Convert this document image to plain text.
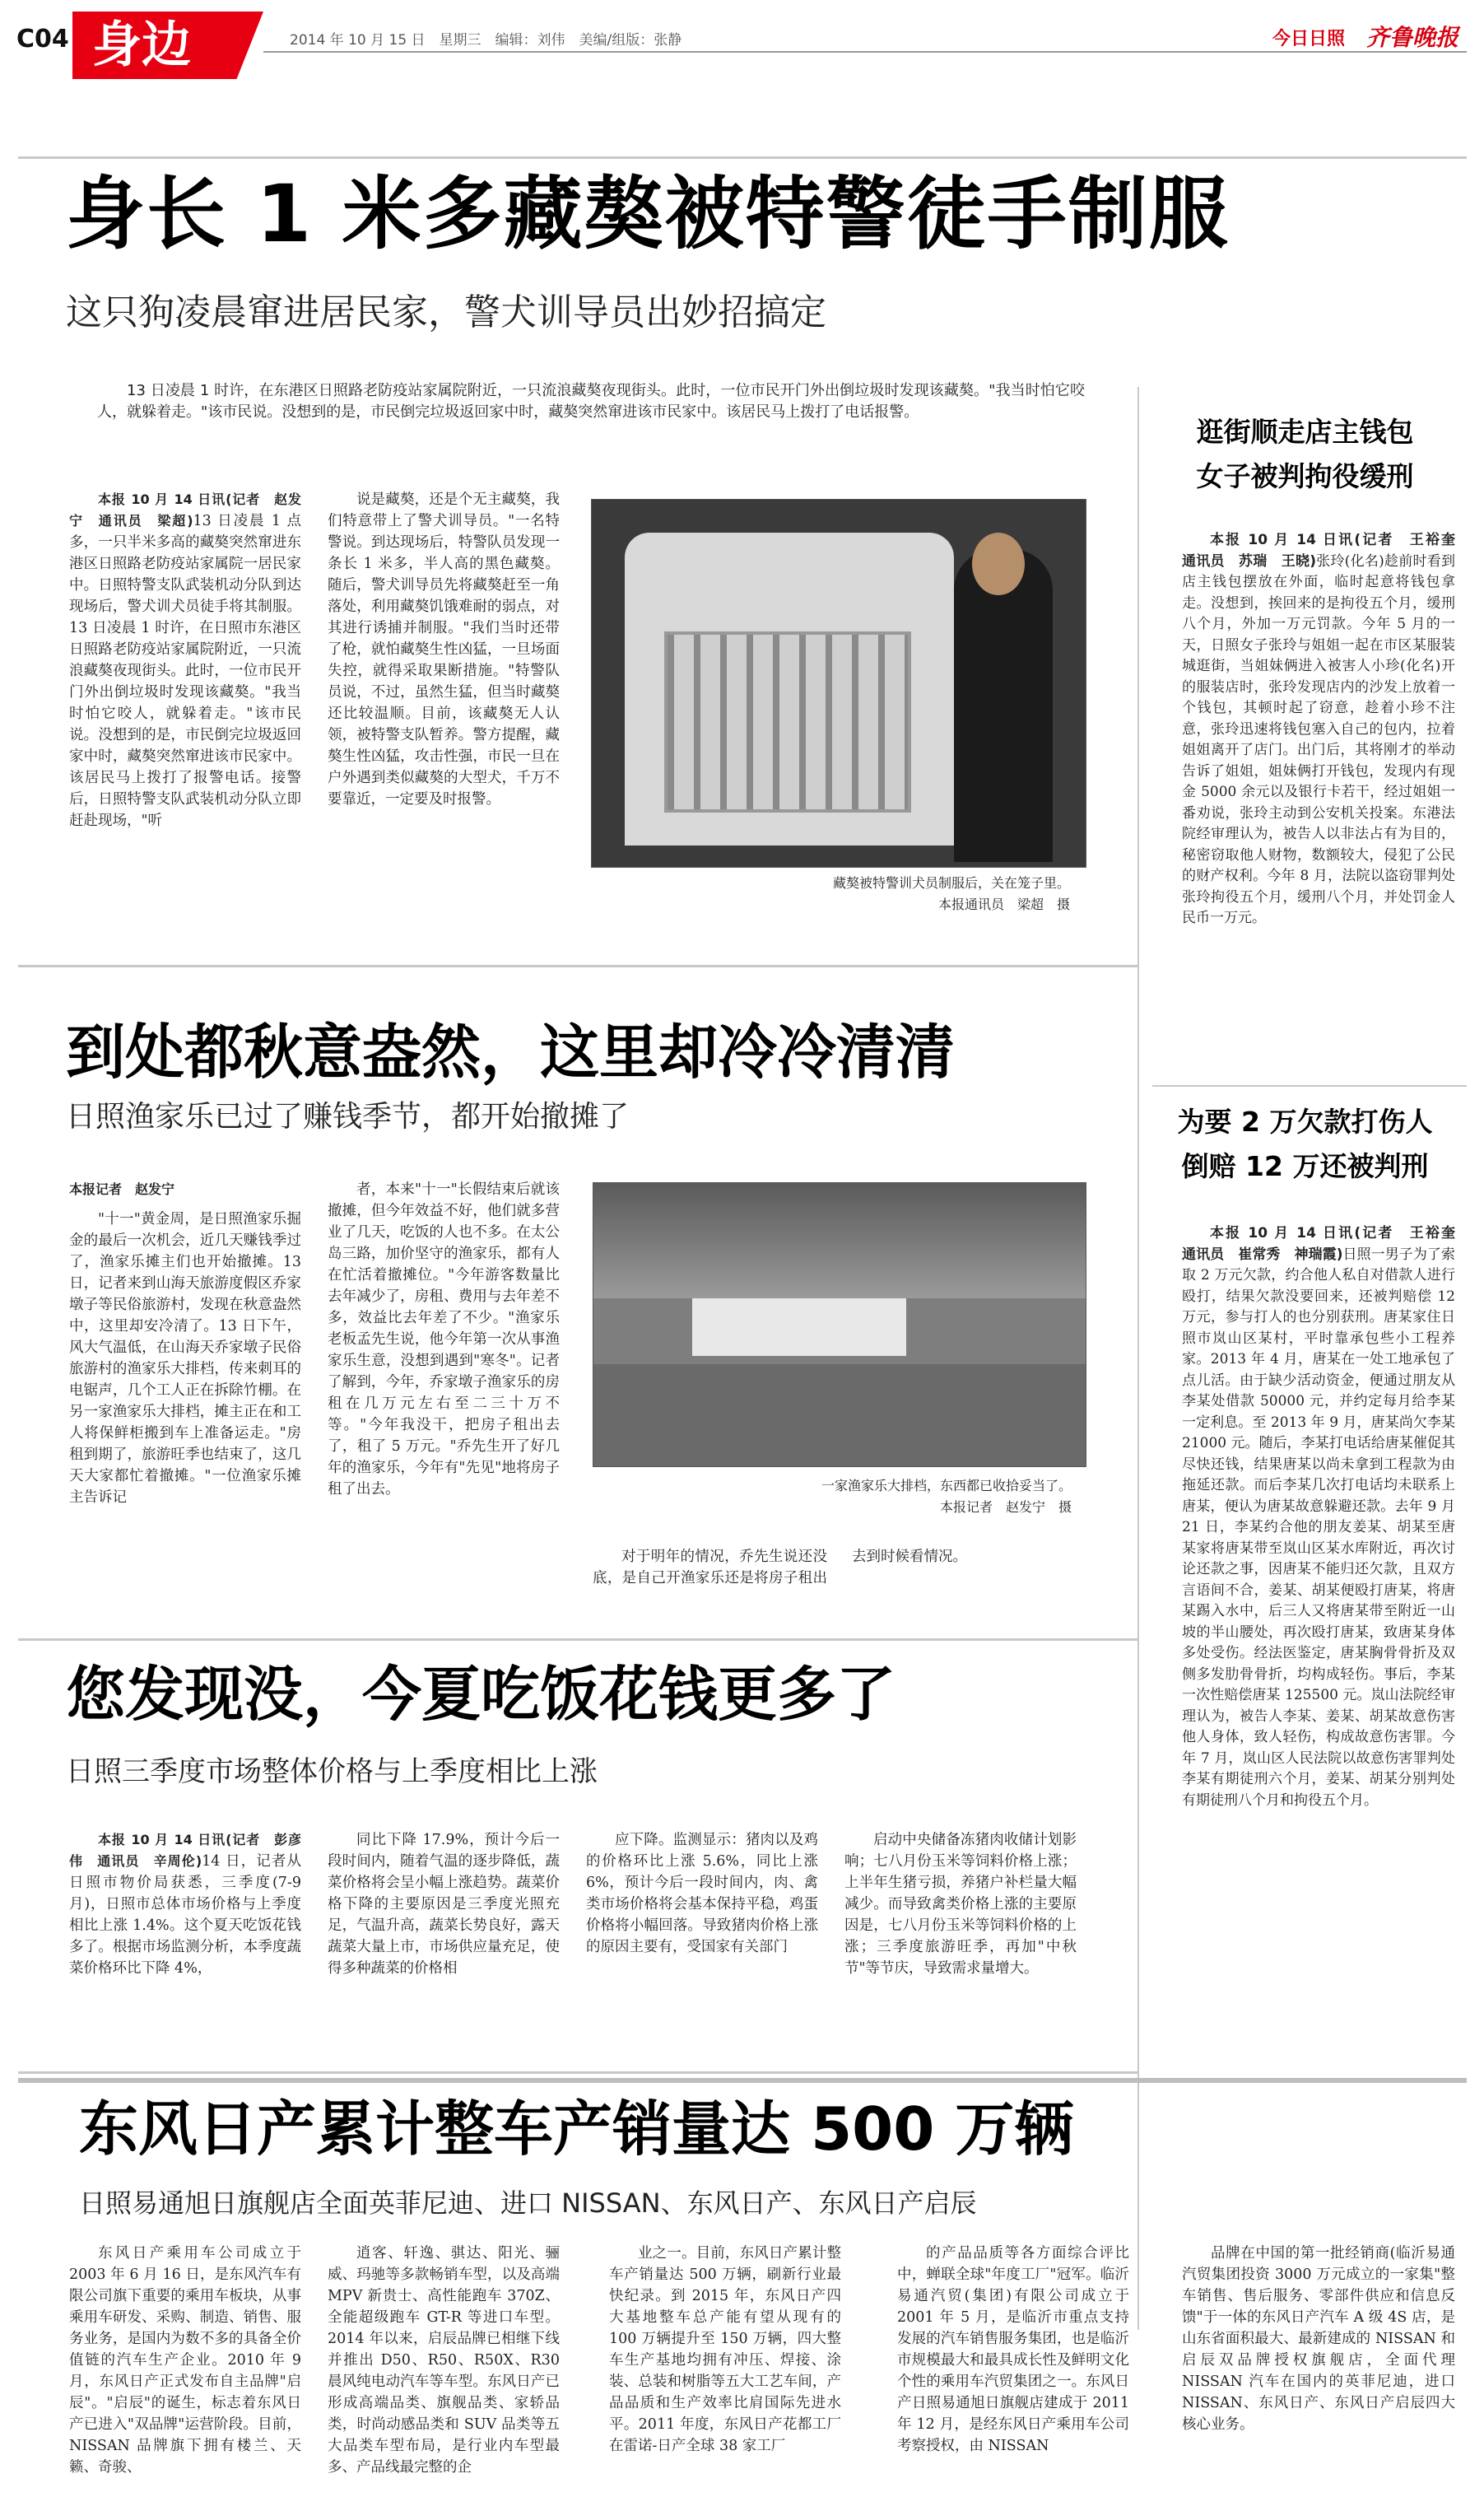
C04 身边	2014 年 10 月 15 日　星期三　编辑：刘伟　美编/组版：张静	今日日照 齐鲁晚报
身长 1 米多藏獒被特警徒手制服
这只狗凌晨窜进居民家，警犬训导员出妙招搞定

13 日凌晨 1 时许，在东港区日照路老防疫站家属院附近，一只流浪藏獒夜现街头。此时，一位市民开门外出倒垃圾时发现该藏獒。"我当时怕它咬人，就躲着走。"该市民说。没想到的是，市民倒完垃圾返回家中时，藏獒突然窜进该市民家中。该居民马上拨打了电话报警。

本报 10 月 14 日讯(记者　赵发宁　通讯员　梁超)13 日凌晨 1 点多，一只半米多高的藏獒突然窜进东港区日照路老防疫站家属院一居民家中。日照特警支队武装机动分队到达现场后，警犬训犬员徒手将其制服。13 日凌晨 1 时许，在日照市东港区日照路老防疫站家属院附近，一只流浪藏獒夜现街头。此时，一位市民开门外出倒垃圾时发现该藏獒。"我当时怕它咬人，就躲着走。"该市民说。没想到的是，市民倒完垃圾返回家中时，藏獒突然窜进该市民家中。该居民马上拨打了报警电话。接警后，日照特警支队武装机动分队立即赶赴现场，"听

说是藏獒，还是个无主藏獒，我们特意带上了警犬训导员。"一名特警说。到达现场后，特警队员发现一条长 1 米多，半人高的黑色藏獒。随后，警犬训导员先将藏獒赶至一角落处，利用藏獒饥饿难耐的弱点，对其进行诱捕并制服。"我们当时还带了枪，就怕藏獒生性凶猛，一旦场面失控，就得采取果断措施。"特警队员说，不过，虽然生猛，但当时藏獒还比较温顺。目前，该藏獒无人认领，被特警支队暂养。警方提醒，藏獒生性凶猛，攻击性强，市民一旦在户外遇到类似藏獒的大型犬，千万不要靠近，一定要及时报警。

藏獒被特警训犬员制服后，关在笼子里。
本报通讯员　梁超　摄
逛街顺走店主钱包
女子被判拘役缓刑

本报 10 月 14 日讯(记者　王裕奎　通讯员　苏瑞　王晓)张玲(化名)趁前时看到店主钱包摆放在外面，临时起意将钱包拿走。没想到，挨回来的是拘役五个月，缓刑八个月，外加一万元罚款。今年 5 月的一天，日照女子张玲与姐姐一起在市区某服装城逛街，当姐妹俩进入被害人小珍(化名)开的服装店时，张玲发现店内的沙发上放着一个钱包，其顿时起了窃意，趁着小珍不注意，张玲迅速将钱包塞入自己的包内，拉着姐姐离开了店门。出门后，其将刚才的举动告诉了姐姐，姐妹俩打开钱包，发现内有现金 5000 余元以及银行卡若干，经过姐姐一番劝说，张玲主动到公安机关投案。东港法院经审理认为，被告人以非法占有为目的，秘密窃取他人财物，数额较大，侵犯了公民的财产权利。今年 8 月，法院以盗窃罪判处张玲拘役五个月，缓刑八个月，并处罚金人民币一万元。

为要 2 万欠款打伤人
倒赔 12 万还被判刑

本报 10 月 14 日讯(记者　王裕奎　通讯员　崔常秀　神瑞霞)日照一男子为了索取 2 万元欠款，约合他人私自对借款人进行殴打，结果欠款没要回来，还被判赔偿 12 万元，参与打人的也分别获刑。唐某家住日照市岚山区某村，平时靠承包些小工程养家。2013 年 4 月，唐某在一处工地承包了点儿活。由于缺少活动资金，便通过朋友从李某处借款 50000 元，并约定每月给李某一定利息。至 2013 年 9 月，唐某尚欠李某 21000 元。随后，李某打电话给唐某催促其尽快还钱，结果唐某以尚未拿到工程款为由拖延还款。而后李某几次打电话均未联系上唐某，便认为唐某故意躲避还款。去年 9 月 21 日，李某约合他的朋友姜某、胡某至唐某家将唐某带至岚山区某水库附近，再次讨论还款之事，因唐某不能归还欠款，且双方言语间不合，姜某、胡某便殴打唐某，将唐某踢入水中，后三人又将唐某带至附近一山坡的半山腰处，再次殴打唐某，致唐某身体多处受伤。经法医鉴定，唐某胸骨骨折及双侧多发肋骨骨折，均构成轻伤。事后，李某一次性赔偿唐某 125500 元。岚山法院经审理认为，被告人李某、姜某、胡某故意伤害他人身体，致人轻伤，构成故意伤害罪。今年 7 月，岚山区人民法院以故意伤害罪判处李某有期徒刑六个月，姜某、胡某分别判处有期徒刑八个月和拘役五个月。

到处都秋意盎然，这里却冷冷清清
日照渔家乐已过了赚钱季节，都开始撤摊了
本报记者　赵发宁

"十一"黄金周，是日照渔家乐掘金的最后一次机会，近几天赚钱季过了，渔家乐摊主们也开始撤摊。13 日，记者来到山海天旅游度假区乔家墩子等民俗旅游村，发现在秋意盎然中，这里却安冷清了。13 日下午，风大气温低，在山海天乔家墩子民俗旅游村的渔家乐大排档，传来刺耳的电锯声，几个工人正在拆除竹棚。在另一家渔家乐大排档，摊主正在和工人将保鲜柜搬到车上准备运走。"房租到期了，旅游旺季也结束了，这几天大家都忙着撤摊。"一位渔家乐摊主告诉记

者，本来"十一"长假结束后就该撤摊，但今年效益不好，他们就多营业了几天，吃饭的人也不多。在太公岛三路，加价坚守的渔家乐，都有人在忙活着撤摊位。"今年游客数量比去年减少了，房租、费用与去年差不多，效益比去年差了不少。"渔家乐老板孟先生说，他今年第一次从事渔家乐生意，没想到遇到"寒冬"。记者了解到，今年，乔家墩子渔家乐的房租在几万元左右至二三十万不等。"今年我没干，把房子租出去了，租了 5 万元。"乔先生开了好几年的渔家乐，今年有"先见"地将房子租了出去。	一家渔家乐大排档，东西都已收拾妥当了。
本报记者　赵发宁　摄

对于明年的情况，乔先生说还没底，是自己开渔家乐还是将房子租出去到时候看情况。

您发现没，今夏吃饭花钱更多了
日照三季度市场整体价格与上季度相比上涨

本报 10 月 14 日讯(记者　彭彦伟　通讯员　辛周伦)14 日，记者从日照市物价局获悉，三季度(7-9 月)，日照市总体市场价格与上季度相比上涨 1.4%。这个夏天吃饭花钱多了。根据市场监测分析，本季度蔬菜价格环比下降 4%，

同比下降 17.9%，预计今后一段时间内，随着气温的逐步降低，蔬菜价格将会呈小幅上涨趋势。蔬菜价格下降的主要原因是三季度光照充足，气温升高，蔬菜长势良好，露天蔬菜大量上市，市场供应量充足，使得多种蔬菜的价格相

应下降。监测显示：猪肉以及鸡的价格环比上涨 5.6%，同比上涨 6%，预计今后一段时间内，肉、禽类市场价格将会基本保持平稳，鸡蛋价格将小幅回落。导致猪肉价格上涨的原因主要有，受国家有关部门

启动中央储备冻猪肉收储计划影响；七八月份玉米等饲料价格上涨；上半年生猪亏损，养猪户补栏量大幅减少。而导致禽类价格上涨的主要原因是，七八月份玉米等饲料价格的上涨；三季度旅游旺季，再加"中秋节"等节庆，导致需求量增大。

东风日产累计整车产销量达 500 万辆
日照易通旭日旗舰店全面英菲尼迪、进口 NISSAN、东风日产、东风日产启辰

东风日产乘用车公司成立于 2003 年 6 月 16 日，是东风汽车有限公司旗下重要的乘用车板块，从事乘用车研发、采购、制造、销售、服务业务，是国内为数不多的具备全价值链的汽车生产企业。2010 年 9 月，东风日产正式发布自主品牌"启辰"。"启辰"的诞生，标志着东风日产已进入"双品牌"运营阶段。目前，NISSAN 品牌旗下拥有楼兰、天籁、奇骏、

逍客、轩逸、骐达、阳光、骊威、玛驰等多款畅销车型，以及高端 MPV 新贵士、高性能跑车 370Z、全能超级跑车 GT-R 等进口车型。2014 年以来，启辰品牌已相继下线并推出 D50、R50、R50X、R30 晨风纯电动汽车等车型。东风日产已形成高端品类、旗舰品类、家轿品类，时尚动感品类和 SUV 品类等五大品类车型布局，是行业内车型最多、产品线最完整的企

业之一。目前，东风日产累计整车产销量达 500 万辆，刷新行业最快纪录。到 2015 年，东风日产四大基地整车总产能有望从现有的 100 万辆提升至 150 万辆，四大整车生产基地均拥有冲压、焊接、涂装、总装和树脂等五大工艺车间，产品品质和生产效率比肩国际先进水平。2011 年度，东风日产花都工厂在雷诺-日产全球 38 家工厂

的产品品质等各方面综合评比中，蝉联全球"年度工厂"冠军。临沂易通汽贸(集团)有限公司成立于 2001 年 5 月，是临沂市重点支持发展的汽车销售服务集团，也是临沂市规模最大和最具成长性及鲜明文化个性的乘用车汽贸集团之一。东风日产日照易通旭日旗舰店建成于 2011 年 12 月，是经东风日产乘用车公司考察授权，由 NISSAN

品牌在中国的第一批经销商(临沂易通汽贸集团投资 3000 万元成立的一家集"整车销售、售后服务、零部件供应和信息反馈"于一体的东风日产汽车 A 级 4S 店，是山东省面积最大、最新建成的 NISSAN 和启辰双品牌授权旗舰店，全面代理 NISSAN 汽车在国内的英菲尼迪，进口 NISSAN、东风日产、东风日产启辰四大核心业务。
